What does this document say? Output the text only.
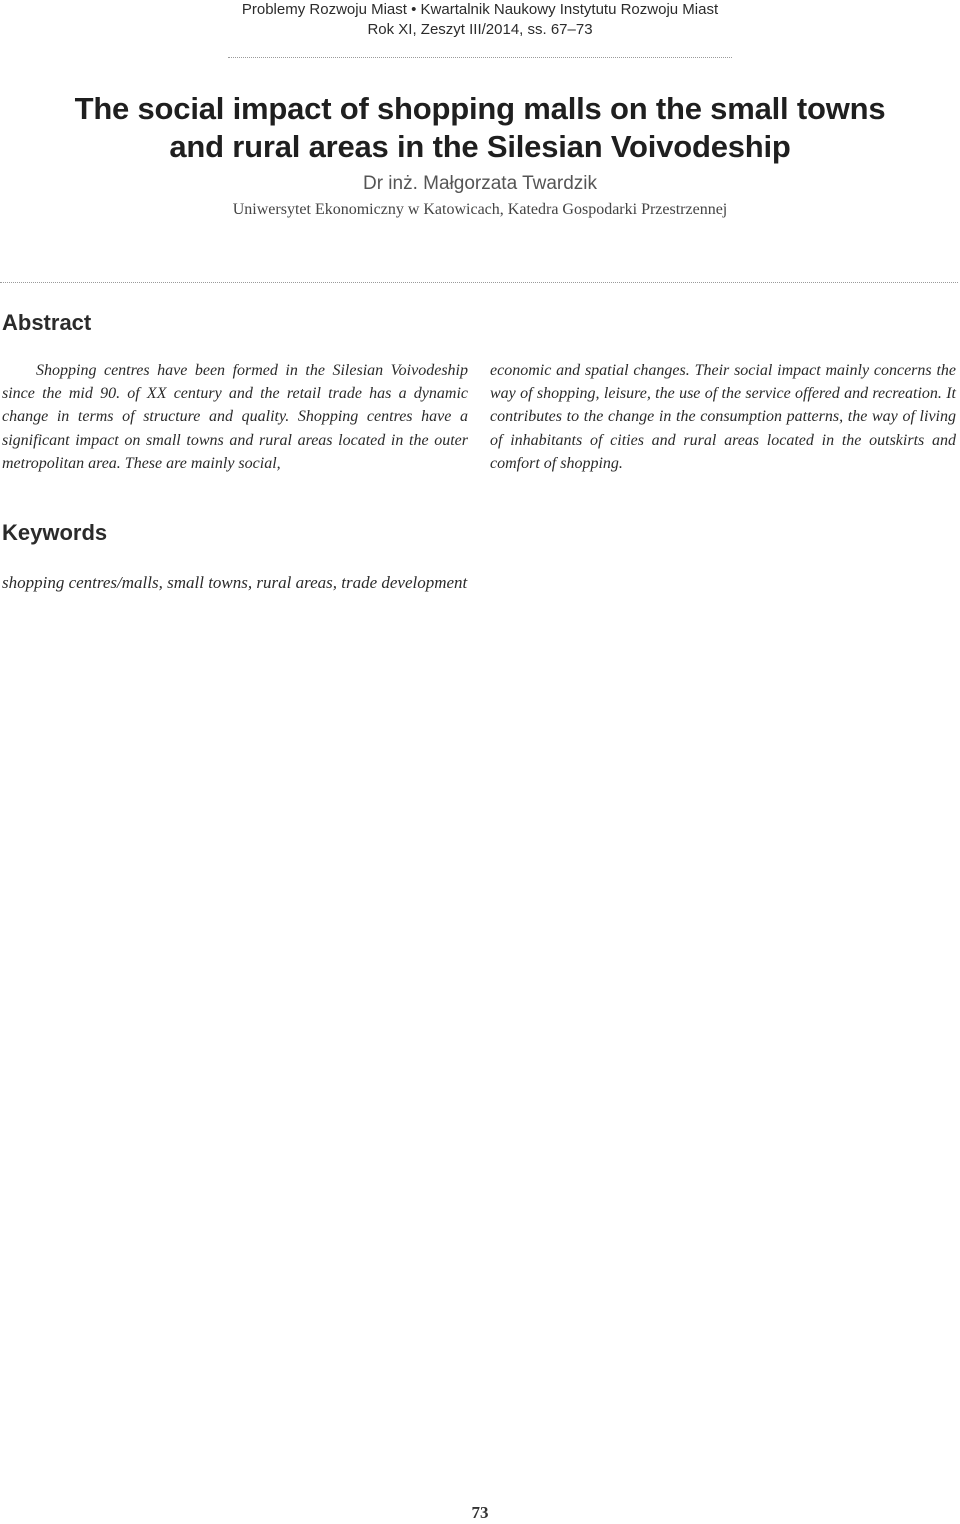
Problemy Rozwoju Miast • Kwartalnik Naukowy Instytutu Rozwoju Miast
Rok XI, Zeszyt III/2014, ss. 67–73
The social impact of shopping malls on the small towns
and rural areas in the Silesian Voivodeship
Dr inż. Małgorzata Twardzik
Uniwersytet Ekonomiczny w Katowicach, Katedra Gospodarki Przestrzennej
Abstract

Shopping centres have been formed in the Silesian Voivodeship since the mid 90. of XX century and the retail trade has a dynamic change in terms of structure and quality. Shopping centres have a significant impact on small towns and rural areas located in the outer metropolitan area. These are mainly social,

economic and spatial changes. Their social impact mainly concerns the way of shopping, leisure, the use of the service offered and recreation. It contributes to the change in the consumption patterns, the way of living of inhabitants of cities and rural areas located in the outskirts and comfort of shopping.

Keywords
shopping centres/malls, small towns, rural areas, trade development
73
